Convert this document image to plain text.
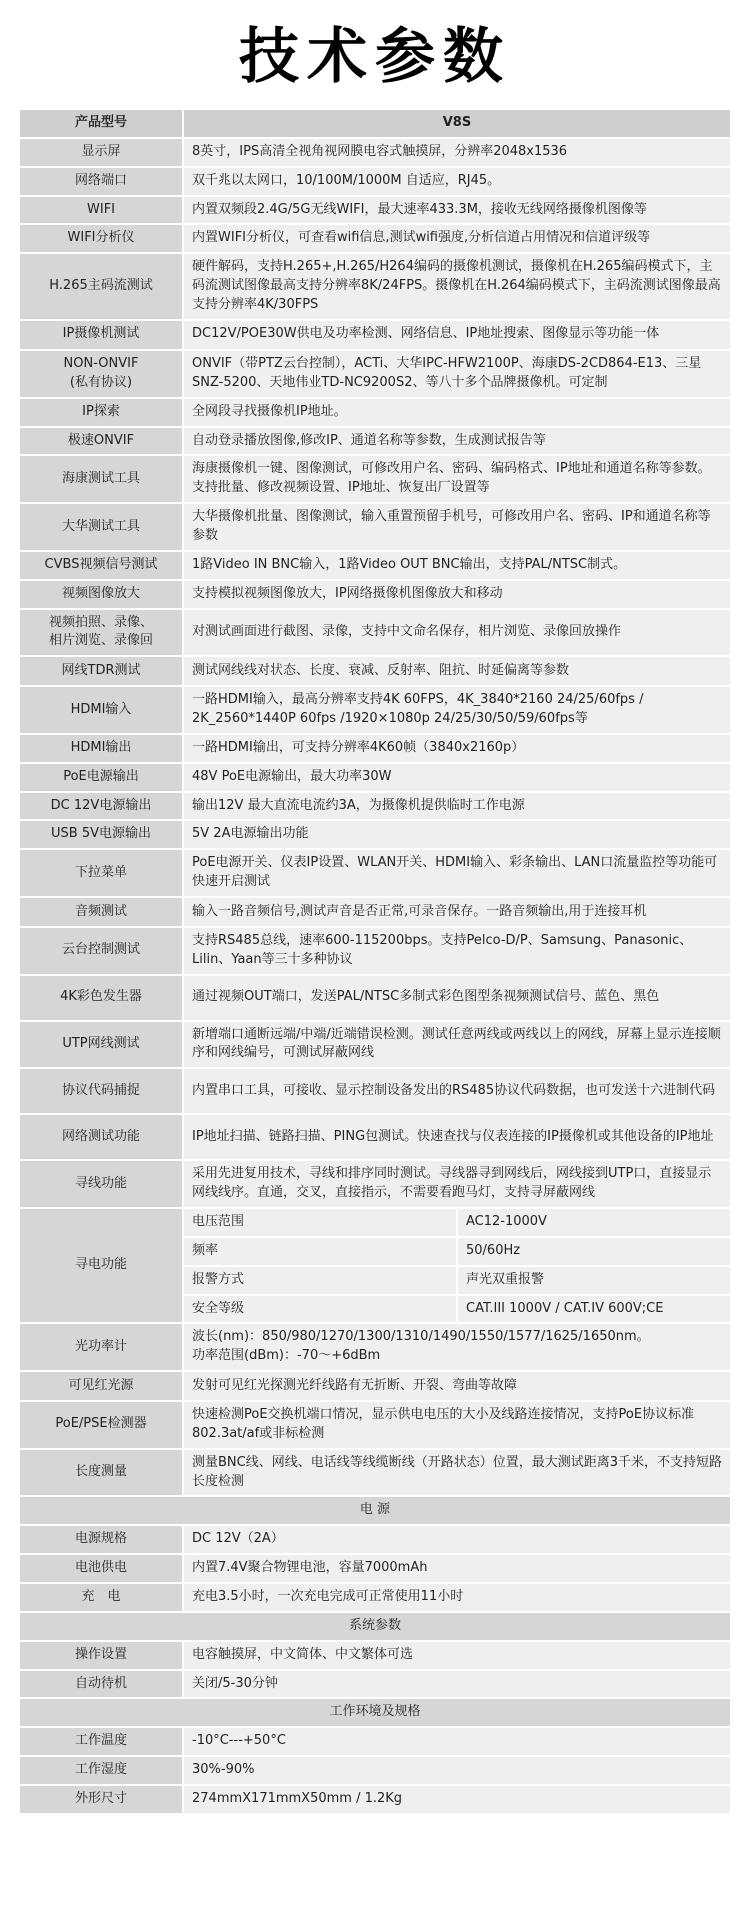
技术参数
产品型号	V8S	
显示屏	8英寸，IPS高清全视角视网膜电容式触摸屏，分辨率2048x1536	
网络端口	双千兆以太网口，10/100M/1000M 自适应，RJ45。	
WIFI	内置双频段2.4G/5G无线WIFI，最大速率433.3M，接收无线网络摄像机图像等	
WIFI分析仪	内置WIFI分析仪，可查看wifi信息,测试wifi强度,分析信道占用情况和信道评级等	
H.265主码流测试	硬件解码，支持H.265+,H.265/H264编码的摄像机测试，摄像机在H.265编码模式下，主码流测试图像最高支持分辨率8K/24FPS。摄像机在H.264编码模式下，主码流测试图像最高支持分辨率4K/30FPS	
IP摄像机测试	DC12V/POE30W供电及功率检测、网络信息、IP地址搜索、图像显示等功能一体	
NON-ONVIF
(私有协议)	ONVIF（带PTZ云台控制），ACTi、大华IPC-HFW2100P、海康DS-2CD864-E13、三星SNZ-5200、天地伟业TD-NC9200S2、等八十多个品牌摄像机。可定制	
IP探索	全网段寻找摄像机IP地址。	
极速ONVIF	自动登录播放图像,修改IP、通道名称等参数，生成测试报告等	
海康测试工具	海康摄像机一键、图像测试，可修改用户名、密码、编码格式、IP地址和通道名称等参数。支持批量、修改视频设置、IP地址、恢复出厂设置等	
大华测试工具	大华摄像机批量、图像测试，输入重置预留手机号，可修改用户名、密码、IP和通道名称等参数	
CVBS视频信号测试	1路Video IN BNC输入，1路Video OUT BNC输出，支持PAL/NTSC制式。	
视频图像放大	支持模拟视频图像放大，IP网络摄像机图像放大和移动	
视频拍照、录像、
相片浏览、录像回	对测试画面进行截图、录像，支持中文命名保存，相片浏览、录像回放操作	
网线TDR测试	测试网线线对状态、长度、衰减、反射率、阻抗、时延偏离等参数	
HDMI输入	一路HDMI输入，最高分辨率支持4K 60FPS，4K_3840*2160 24/25/60fps / 2K_2560*1440P 60fps /1920×1080p 24/25/30/50/59/60fps等	
HDMI输出	一路HDMI输出，可支持分辨率4K60帧（3840x2160p）	
PoE电源输出	48V PoE电源输出，最大功率30W	
DC 12V电源输出	输出12V 最大直流电流约3A，为摄像机提供临时工作电源	
USB 5V电源输出	5V 2A电源输出功能	
下拉菜单	PoE电源开关、仪表IP设置、WLAN开关、HDMI输入、彩条输出、LAN口流量监控等功能可快速开启测试	
音频测试	输入一路音频信号,测试声音是否正常,可录音保存。一路音频输出,用于连接耳机	
云台控制测试	支持RS485总线，速率600-115200bps。支持Pelco-D/P、Samsung、Panasonic、Lilin、Yaan等三十多种协议	
4K彩色发生器	通过视频OUT端口，发送PAL/NTSC多制式彩色图型条视频测试信号、蓝色、黑色	
UTP网线测试	新增端口通断远端/中端/近端错误检测。测试任意两线或两线以上的网线，屏幕上显示连接顺序和网线编号，可测试屏蔽网线	
协议代码捕捉	内置串口工具，可接收、显示控制设备发出的RS485协议代码数据，也可发送十六进制代码	
网络测试功能	IP地址扫描、链路扫描、PING包测试。快速查找与仪表连接的IP摄像机或其他设备的IP地址	
寻线功能	采用先进复用技术，寻线和排序同时测试。寻线器寻到网线后，网线接到UTP口，直接显示网线线序。直通，交叉，直接指示，不需要看跑马灯，支持寻屏蔽网线	
寻电功能	电压范围	AC12-1000V
	频率	50/60Hz
	报警方式	声光双重报警
	安全等级	CAT.III 1000V / CAT.IV 600V;CE
光功率计	波长(nm)：850/980/1270/1300/1310/1490/1550/1577/1625/1650nm。
功率范围(dBm)：-70～+6dBm	
可见红光源	发射可见红光探测光纤线路有无折断、开裂、弯曲等故障	
PoE/PSE检测器	快速检测PoE交换机端口情况，显示供电电压的大小及线路连接情况，支持PoE协议标准802.3at/af或非标检测	
长度测量	测量BNC线、网线、电话线等线缆断线（开路状态）位置，最大测试距离3千米，不支持短路长度检测	
电 源		
电源规格	DC 12V（2A）	
电池供电	内置7.4V聚合物锂电池，容量7000mAh	
充　电	充电3.5小时，一次充电完成可正常使用11小时	
系统参数		
操作设置	电容触摸屏，中文简体、中文繁体可选	
自动待机	关闭/5-30分钟	
工作环境及规格		
工作温度	-10°C---+50°C	
工作湿度	30%-90%	
外形尺寸	274mmX171mmX50mm / 1.2Kg	
